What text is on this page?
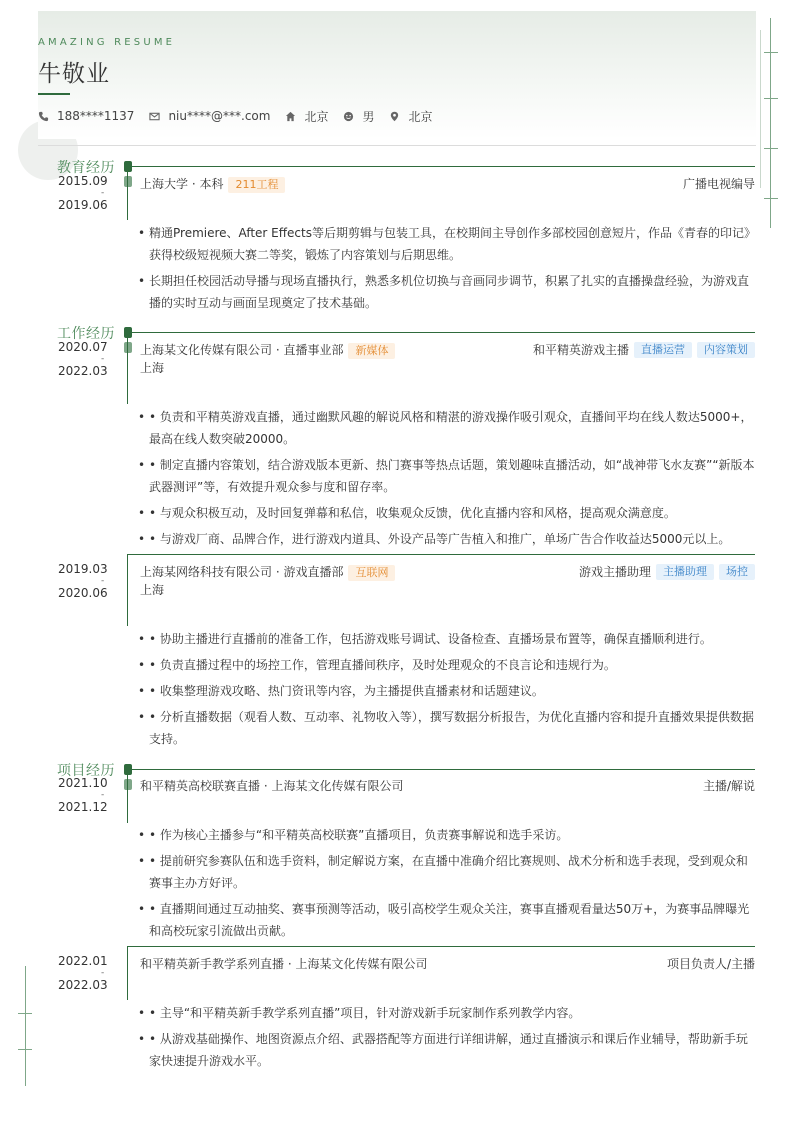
AMAZING RESUME
牛敬业
188****1137	niu****@***.com	北京	男	北京
教育经历
2015.09
-
2019.06
上海大学 · 本科 211工程	广播电视编导
• 精通Premiere、After Effects等后期剪辑与包装工具，在校期间主导创作多部校园创意短片，作品《青春的印记》获得校级短视频大赛二等奖，锻炼了内容策划与后期思维。
• 长期担任校园活动导播与现场直播执行，熟悉多机位切换与音画同步调节，积累了扎实的直播操盘经验，为游戏直播的实时互动与画面呈现奠定了技术基础。
工作经历
2020.07
-
2022.03
上海某文化传媒有限公司 · 直播事业部 新媒体
上海
和平精英游戏主播	直播运营	内容策划
• • 负责和平精英游戏直播，通过幽默风趣的解说风格和精湛的游戏操作吸引观众，直播间平均在线人数达5000+，最高在线人数突破20000。
• • 制定直播内容策划，结合游戏版本更新、热门赛事等热点话题，策划趣味直播活动，如“战神带飞水友赛”“新版本武器测评”等，有效提升观众参与度和留存率。
• • 与观众积极互动，及时回复弹幕和私信，收集观众反馈，优化直播内容和风格，提高观众满意度。
• • 与游戏厂商、品牌合作，进行游戏内道具、外设产品等广告植入和推广，单场广告合作收益达5000元以上。
2019.03
-
2020.06
上海某网络科技有限公司 · 游戏直播部 互联网
上海
游戏主播助理	主播助理	场控
• • 协助主播进行直播前的准备工作，包括游戏账号调试、设备检查、直播场景布置等，确保直播顺利进行。
• • 负责直播过程中的场控工作，管理直播间秩序，及时处理观众的不良言论和违规行为。
• • 收集整理游戏攻略、热门资讯等内容，为主播提供直播素材和话题建议。
• • 分析直播数据（观看人数、互动率、礼物收入等），撰写数据分析报告，为优化直播内容和提升直播效果提供数据支持。
项目经历
2021.10
-
2021.12
和平精英高校联赛直播 · 上海某文化传媒有限公司	主播/解说
• • 作为核心主播参与“和平精英高校联赛”直播项目，负责赛事解说和选手采访。
• • 提前研究参赛队伍和选手资料，制定解说方案，在直播中准确介绍比赛规则、战术分析和选手表现，受到观众和赛事主办方好评。
• • 直播期间通过互动抽奖、赛事预测等活动，吸引高校学生观众关注，赛事直播观看量达50万+，为赛事品牌曝光和高校玩家引流做出贡献。
2022.01
-
2022.03
和平精英新手教学系列直播 · 上海某文化传媒有限公司	项目负责人/主播
• • 主导“和平精英新手教学系列直播”项目，针对游戏新手玩家制作系列教学内容。
• • 从游戏基础操作、地图资源点介绍、武器搭配等方面进行详细讲解，通过直播演示和课后作业辅导，帮助新手玩家快速提升游戏水平。
